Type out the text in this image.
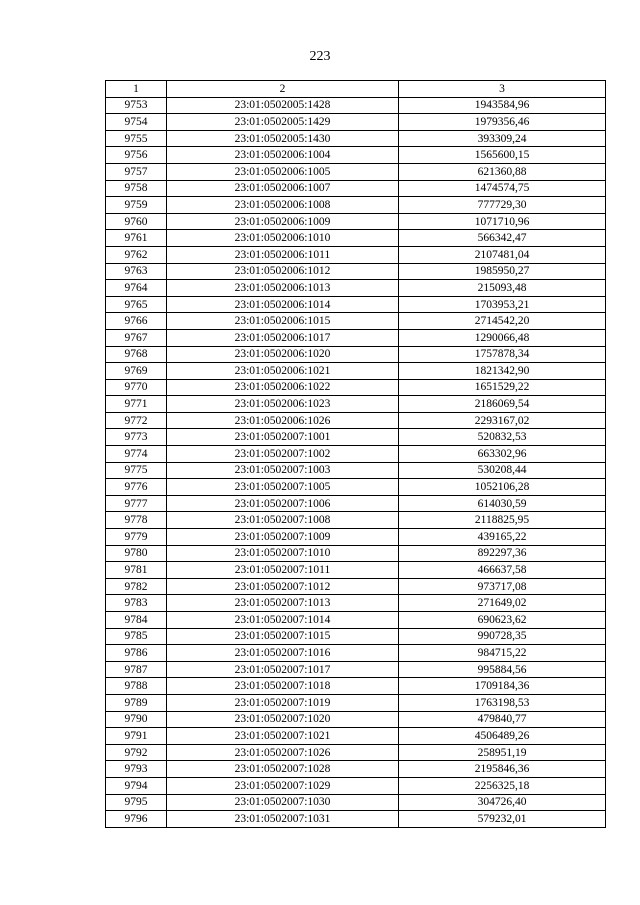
223
1	2	3
9753	23:01:0502005:1428	1943584,96
9754	23:01:0502005:1429	1979356,46
9755	23:01:0502005:1430	393309,24
9756	23:01:0502006:1004	1565600,15
9757	23:01:0502006:1005	621360,88
9758	23:01:0502006:1007	1474574,75
9759	23:01:0502006:1008	777729,30
9760	23:01:0502006:1009	1071710,96
9761	23:01:0502006:1010	566342,47
9762	23:01:0502006:1011	2107481,04
9763	23:01:0502006:1012	1985950,27
9764	23:01:0502006:1013	215093,48
9765	23:01:0502006:1014	1703953,21
9766	23:01:0502006:1015	2714542,20
9767	23:01:0502006:1017	1290066,48
9768	23:01:0502006:1020	1757878,34
9769	23:01:0502006:1021	1821342,90
9770	23:01:0502006:1022	1651529,22
9771	23:01:0502006:1023	2186069,54
9772	23:01:0502006:1026	2293167,02
9773	23:01:0502007:1001	520832,53
9774	23:01:0502007:1002	663302,96
9775	23:01:0502007:1003	530208,44
9776	23:01:0502007:1005	1052106,28
9777	23:01:0502007:1006	614030,59
9778	23:01:0502007:1008	2118825,95
9779	23:01:0502007:1009	439165,22
9780	23:01:0502007:1010	892297,36
9781	23:01:0502007:1011	466637,58
9782	23:01:0502007:1012	973717,08
9783	23:01:0502007:1013	271649,02
9784	23:01:0502007:1014	690623,62
9785	23:01:0502007:1015	990728,35
9786	23:01:0502007:1016	984715,22
9787	23:01:0502007:1017	995884,56
9788	23:01:0502007:1018	1709184,36
9789	23:01:0502007:1019	1763198,53
9790	23:01:0502007:1020	479840,77
9791	23:01:0502007:1021	4506489,26
9792	23:01:0502007:1026	258951,19
9793	23:01:0502007:1028	2195846,36
9794	23:01:0502007:1029	2256325,18
9795	23:01:0502007:1030	304726,40
9796	23:01:0502007:1031	579232,01
